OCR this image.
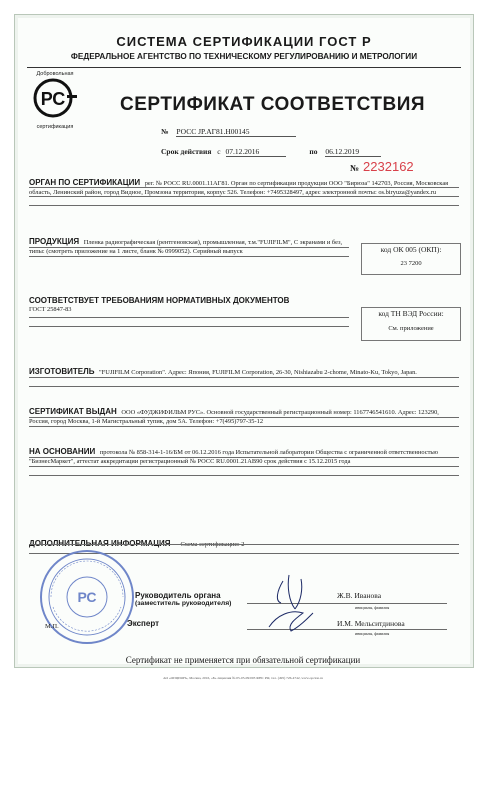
СИСТЕМА СЕРТИФИКАЦИИ ГОСТ Р
ФЕДЕРАЛЬНОЕ АГЕНТСТВО ПО ТЕХНИЧЕСКОМУ РЕГУЛИРОВАНИЮ И МЕТРОЛОГИИ
Добровольная
РС
сертификация
СЕРТИФИКАТ СООТВЕТСТВИЯ
№ РОСС JP.АГ81.Н00145
Срок действия с 07.12.2016	по 06.12.2019
№ 2232162
ОРГАН ПО СЕРТИФИКАЦИИ рег. № РОСС RU.0001.11АГ81. Орган по сертификации продукции ООО "Бирюза" 142703, Россия, Московская область, Ленинский район, город Видное, Промзона территория, корпус 526. Телефон: +7495328497, адрес электронной почты: os.biryuza@yandex.ru
ПРОДУКЦИЯ Пленка радиографическая (рентгеновская), промышленная, т.м."FUJIFILM", С экранами и без, типы: (смотреть приложение на 1 листе, бланк № 0999052). Серийный выпуск	код ОК 005 (ОКП):
23 7200
СООТВЕТСТВУЕТ ТРЕБОВАНИЯМ НОРМАТИВНЫХ ДОКУМЕНТОВ
ГОСТ 25847-83	код ТН ВЭД России:
См. приложение
ИЗГОТОВИТЕЛЬ "FUJIFILM Corporation". Адрес: Япония, FUJIFILM Corporation, 26-30, Nishiazabu 2-chome, Minato-Ku, Tokyo, Japan.
СЕРТИФИКАТ ВЫДАН ООО «ФУДЖИФИЛЬМ РУС». Основной государственный регистрационный номер: 1167746541610. Адрес: 123290, Россия, город Москва, 1-й Магистральный тупик, дом 5А. Телефон: +7(495)797-35-12
НА ОСНОВАНИИ протокола № 858-314-1-16/БМ от 06.12.2016 года Испытательной лаборатории Общества с ограниченной ответственностью "БизнесМаркет", аттестат аккредитации регистрационный № РОСС RU.0001.21АВ90 срок действия с 15.12.2015 года
ДОПОЛНИТЕЛЬНАЯ ИНФОРМАЦИЯ Схема сертификации: 2
РС	Руководитель органа
(заместитель руководителя)
Ж.В. Иванова
инициалы, фамилия
Эксперт	И.М. Мельситдинова
инициалы, фамилия
М.П.
Сертификат не применяется при обязательной сертификации
АО «ОПЦИОН», Москва, 2016, «Б» лицензия № 05-05-09/003 ФНС РФ, тел. (495) 726-4742, www.opcion.ru
